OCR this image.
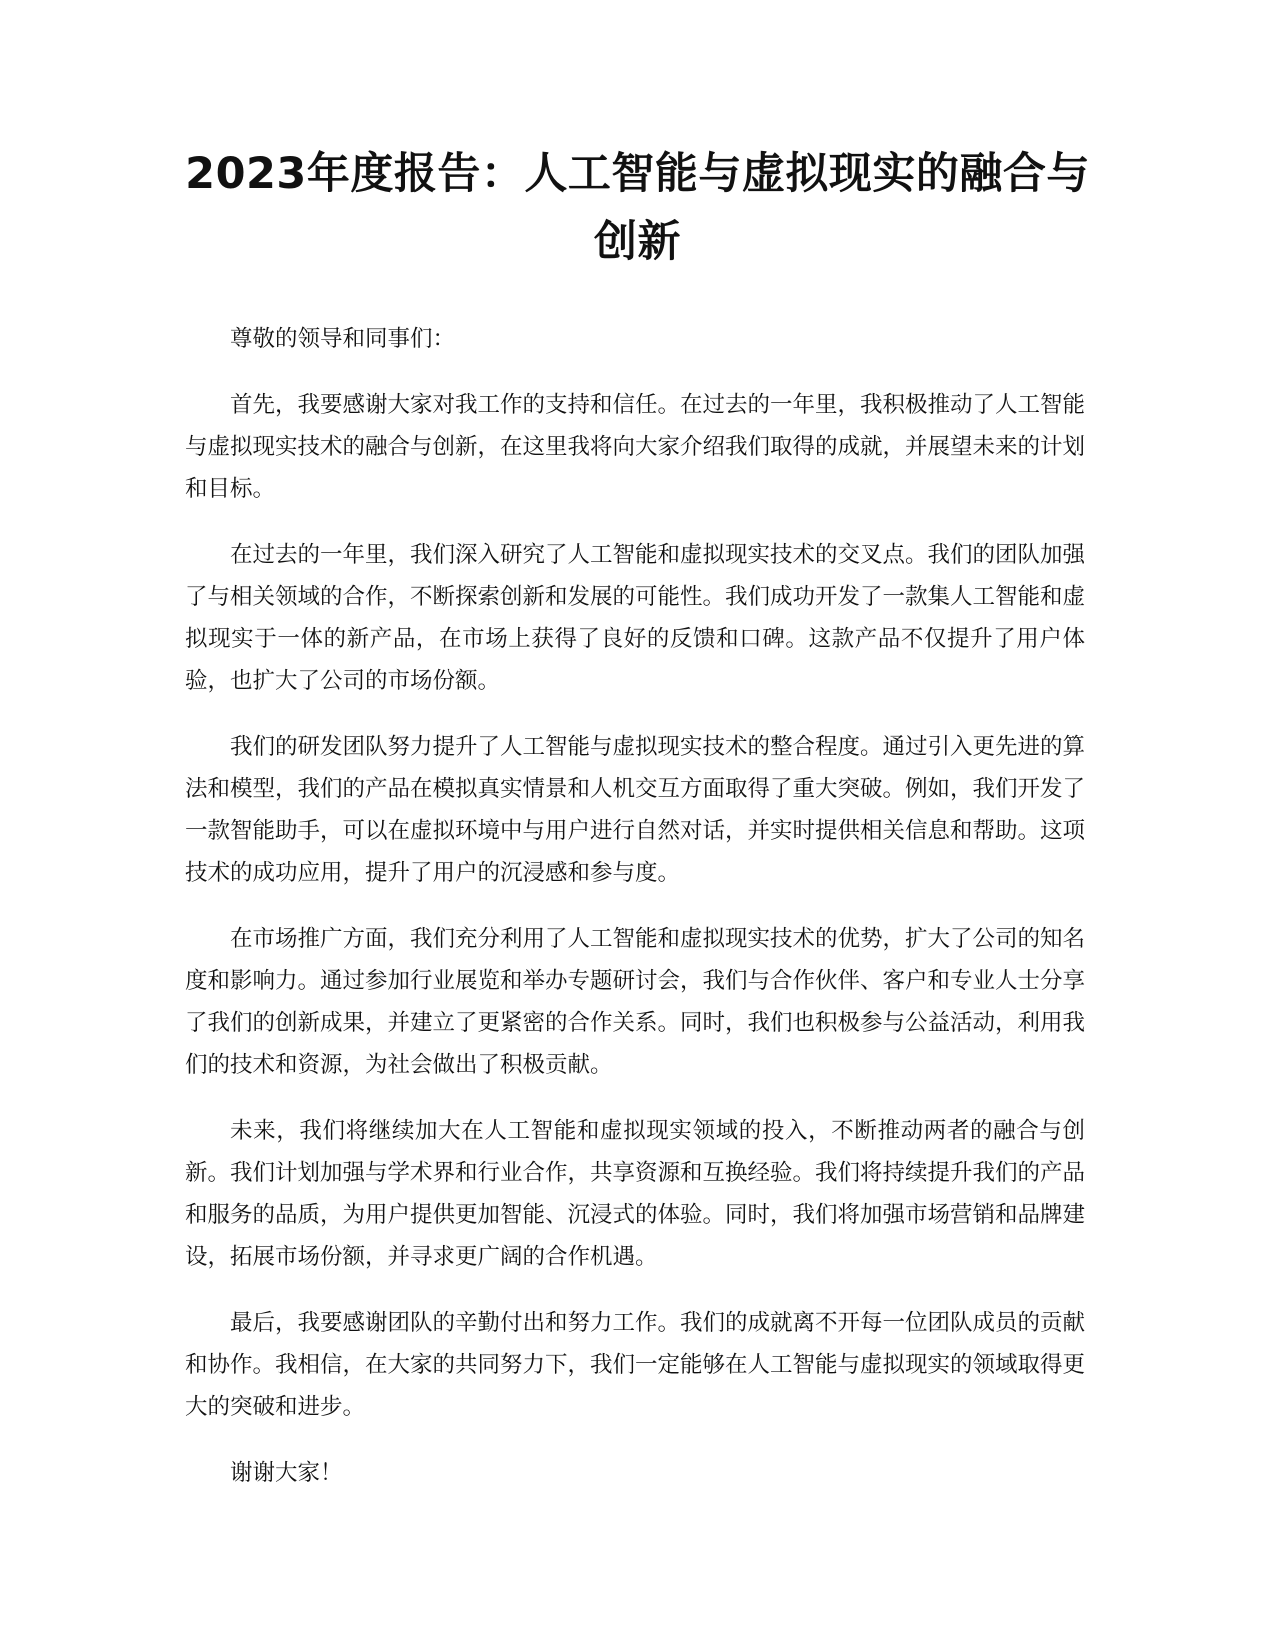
2023年度报告：人工智能与虚拟现实的融合与创新

尊敬的领导和同事们：

首先，我要感谢大家对我工作的支持和信任。在过去的一年里，我积极推动了人工智能与虚拟现实技术的融合与创新，在这里我将向大家介绍我们取得的成就，并展望未来的计划和目标。

在过去的一年里，我们深入研究了人工智能和虚拟现实技术的交叉点。我们的团队加强了与相关领域的合作，不断探索创新和发展的可能性。我们成功开发了一款集人工智能和虚拟现实于一体的新产品，在市场上获得了良好的反馈和口碑。这款产品不仅提升了用户体验，也扩大了公司的市场份额。

我们的研发团队努力提升了人工智能与虚拟现实技术的整合程度。通过引入更先进的算法和模型，我们的产品在模拟真实情景和人机交互方面取得了重大突破。例如，我们开发了一款智能助手，可以在虚拟环境中与用户进行自然对话，并实时提供相关信息和帮助。这项技术的成功应用，提升了用户的沉浸感和参与度。

在市场推广方面，我们充分利用了人工智能和虚拟现实技术的优势，扩大了公司的知名度和影响力。通过参加行业展览和举办专题研讨会，我们与合作伙伴、客户和专业人士分享了我们的创新成果，并建立了更紧密的合作关系。同时，我们也积极参与公益活动，利用我们的技术和资源，为社会做出了积极贡献。

未来，我们将继续加大在人工智能和虚拟现实领域的投入，不断推动两者的融合与创新。我们计划加强与学术界和行业合作，共享资源和互换经验。我们将持续提升我们的产品和服务的品质，为用户提供更加智能、沉浸式的体验。同时，我们将加强市场营销和品牌建设，拓展市场份额，并寻求更广阔的合作机遇。

最后，我要感谢团队的辛勤付出和努力工作。我们的成就离不开每一位团队成员的贡献和协作。我相信，在大家的共同努力下，我们一定能够在人工智能与虚拟现实的领域取得更大的突破和进步。

谢谢大家！
